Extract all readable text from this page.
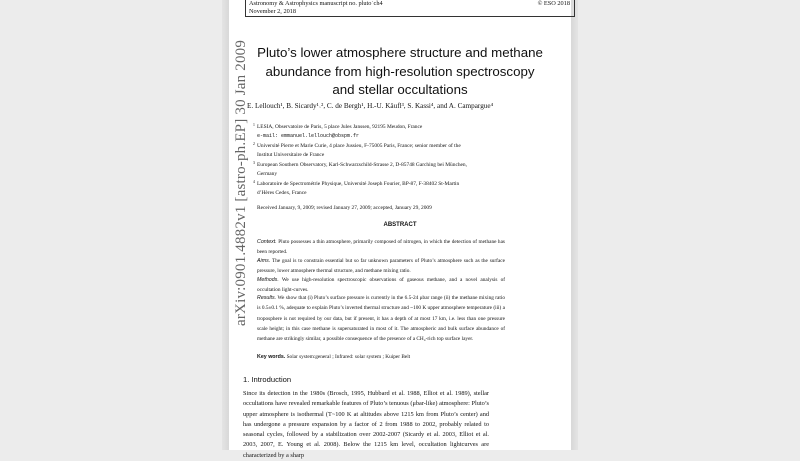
Astronomy & Astrophysics manuscript no. pluto˙ch4
November 2, 2018
© ESO 2018
Pluto’s lower atmosphere structure and methane
abundance from high-resolution spectroscopy
and stellar occultations
E. Lellouch¹, B. Sicardy¹˒², C. de Bergh¹, H.-U. Käufl³, S. Kassi⁴, and A. Campargue⁴
1 LESIA, Observatoire de Paris, 5 place Jules Janssen, 92195 Meudon, France
e-mail: emmanuel.lellouch@obspm.fr
2 Université Pierre et Marie Curie, 4 place Jussieu, F-75005 Paris, France; senior member of the
Institut Universitaire de France
3 European Southern Observatory, Karl-Schwarzschild-Strasse 2, D-85748 Garching bei München,
Germany
4 Laboratoire de Spectrométrie Physique, Université Joseph Fourier, BP-87, F-38402 St-Martin
d’Hères Cedex, France
Received January, 9, 2009; revised January 27, 2009; accepted, January 29, 2009
ABSTRACT
Context. Pluto possesses a thin atmosphere, primarily composed of nitrogen, in which the detection of methane has been reported.
Aims. The goal is to constrain essential but so far unknown parameters of Pluto’s atmosphere such as the surface pressure, lower atmosphere thermal structure, and methane mixing ratio.
Methods. We use high-resolution spectroscopic observations of gaseous methane, and a novel analysis of occultation light-curves.
Results. We show that (i) Pluto’s surface pressure is currently in the 6.5-24 μbar range (ii) the methane mixing ratio is 0.5±0.1 %, adequate to explain Pluto’s inverted thermal structure and ~100 K upper atmosphere temperature (iii) a troposphere is not required by our data, but if present, it has a depth of at most 17 km, i.e. less than one pressure scale height; in this case methane is supersaturated in most of it. The atmospheric and bulk surface abundance of methane are strikingly similar, a possible consequence of the presence of a CH₄-rich top surface layer.
Key words. Solar system:general ; Infrared: solar system ; Kuiper Belt
1. Introduction
Since its detection in the 1980s (Brosch, 1995, Hubbard et al. 1988, Elliot et al. 1989), stellar occultations have revealed remarkable features of Pluto’s tenuous (μbar-like) atmosphere: Pluto’s upper atmosphere is isothermal (T~100 K at altitudes above 1215 km from Pluto’s center) and has undergone a pressure expansion by a factor of 2 from 1988 to 2002, probably related to seasonal cycles, followed by a stabilization over 2002-2007 (Sicardy et al. 2003, Elliot et al. 2003, 2007, E. Young et al. 2008). Below the 1215 km level, occultation lightcurves are characterized by a sharp
arXiv:0901.4882v1 [astro-ph.EP] 30 Jan 2009
